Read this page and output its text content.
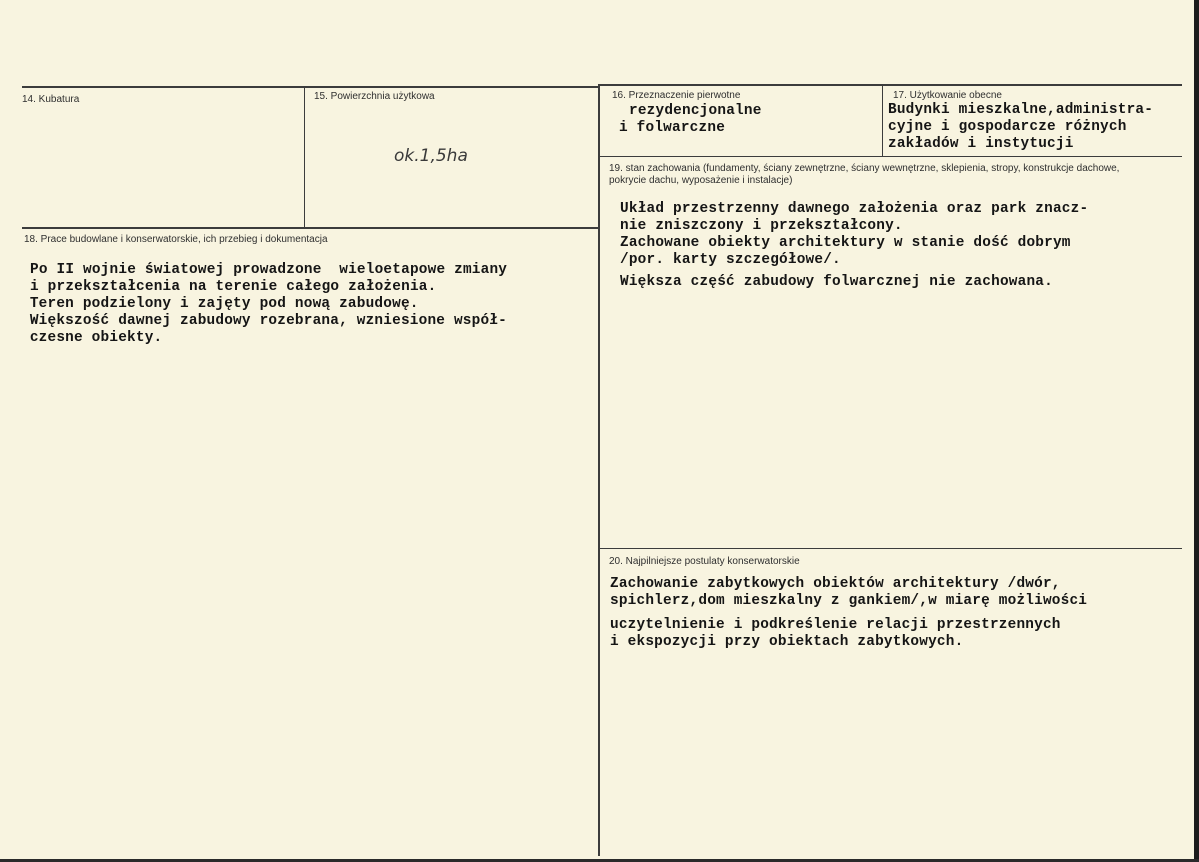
14. Kubatura	15. Powierzchnia użytkowa
ok.1,5ha
16. Przeznaczenie pierwotne
rezydencjonalne
i folwarczne
17. Użytkowanie obecne
Budynki mieszkalne,administra-
cyjne i gospodarcze różnych
zakładów i instytucji
18. Prace budowlane i konserwatorskie, ich przebieg i dokumentacja
Po II wojnie światowej prowadzone  wieloetapowe zmiany
i przekształcenia na terenie całego założenia.
Teren podzielony i zajęty pod nową zabudowę.
Większość dawnej zabudowy rozebrana, wzniesione współ-
czesne obiekty.
19. stan zachowania (fundamenty, ściany zewnętrzne, ściany wewnętrzne, sklepienia, stropy, konstrukcje dachowe, pokrycie dachu, wyposażenie i instalacje)
Układ przestrzenny dawnego założenia oraz park znacz-
nie zniszczony i przekształcony.
Zachowane obiekty architektury w stanie dość dobrym
/por. karty szczegółowe/.
Większa część zabudowy folwarcznej nie zachowana.
20. Najpilniejsze postulaty konserwatorskie
Zachowanie zabytkowych obiektów architektury /dwór,
spichlerz,dom mieszkalny z gankiem/,w miarę możliwości
uczytelnienie i podkreślenie relacji przestrzennych
i ekspozycji przy obiektach zabytkowych.
